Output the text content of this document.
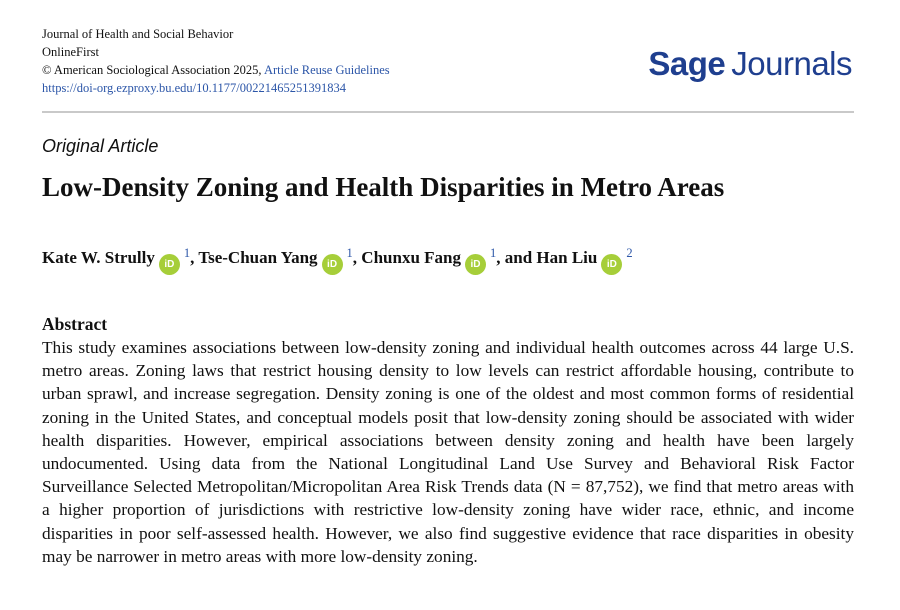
Journal of Health and Social Behavior
OnlineFirst
© American Sociological Association 2025, Article Reuse Guidelines
https://doi-org.ezproxy.bu.edu/10.1177/00221465251391834
Sage Journals
Original Article
Low-Density Zoning and Health Disparities in Metro Areas
Kate W. Strully iD$^1$, Tse-Chuan Yang iD$^1$, Chunxu Fang iD$^1$, and Han Liu iD$^2$
Abstract

This study examines associations between low-density zoning and individual health outcomes across 44 large U.S. metro areas. Zoning laws that restrict housing density to low levels can restrict affordable housing, contribute to urban sprawl, and increase segregation. Density zoning is one of the oldest and most common forms of residential zoning in the United States, and conceptual models posit that low-density zoning should be associated with wider health disparities. However, empirical associations between density zoning and health have been largely undocumented. Using data from the National Longitudinal Land Use Survey and Behavioral Risk Factor Surveillance Selected Metropolitan/Micropolitan Area Risk Trends data (N = 87,752), we find that metro areas with a higher proportion of jurisdictions with restrictive low-density zoning have wider race, ethnic, and income disparities in poor self-assessed health. However, we also find suggestive evidence that race disparities in obesity may be narrower in metro areas with more low-density zoning.
